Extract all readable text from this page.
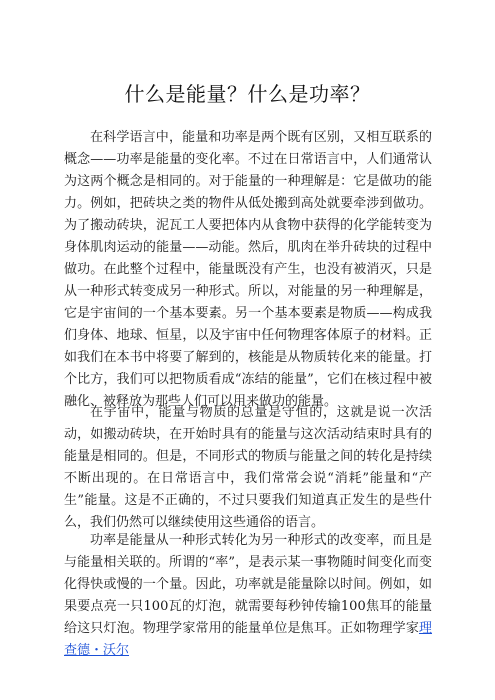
什么是能量？什么是功率？

在科学语言中，能量和功率是两个既有区别，又相互联系的概念——功率是能量的变化率。不过在日常语言中，人们通常认为这两个概念是相同的。对于能量的一种理解是：它是做功的能力。例如，把砖块之类的物件从低处搬到高处就要牵涉到做功。为了搬动砖块，泥瓦工人要把体内从食物中获得的化学能转变为身体肌肉运动的能量——动能。然后，肌肉在举升砖块的过程中做功。在此整个过程中，能量既没有产生，也没有被消灭，只是从一种形式转变成另一种形式。所以，对能量的另一种理解是，它是宇宙间的一个基本要素。另一个基本要素是物质——构成我们身体、地球、恒星，以及宇宙中任何物理客体原子的材料。正如我们在本书中将要了解到的，核能是从物质转化来的能量。打个比方，我们可以把物质看成“冻结的能量”，它们在核过程中被融化、被释放为那些人们可以用来做功的能量。

在宇宙中，能量与物质的总量是守恒的，这就是说一次活动，如搬动砖块，在开始时具有的能量与这次活动结束时具有的能量是相同的。但是，不同形式的物质与能量之间的转化是持续不断出现的。在日常语言中，我们常常会说“消耗”能量和“产生”能量。这是不正确的，不过只要我们知道真正发生的是些什么，我们仍然可以继续使用这些通俗的语言。

功率是能量从一种形式转化为另一种形式的改变率，而且是与能量相关联的。所谓的“率”，是表示某一事物随时间变化而变化得快或慢的一个量。因此，功率就是能量除以时间。例如，如果要点亮一只100瓦的灯泡，就需要每秒钟传输100焦耳的能量给这只灯泡。物理学家常用的能量单位是焦耳。正如物理学家理查德・沃尔
